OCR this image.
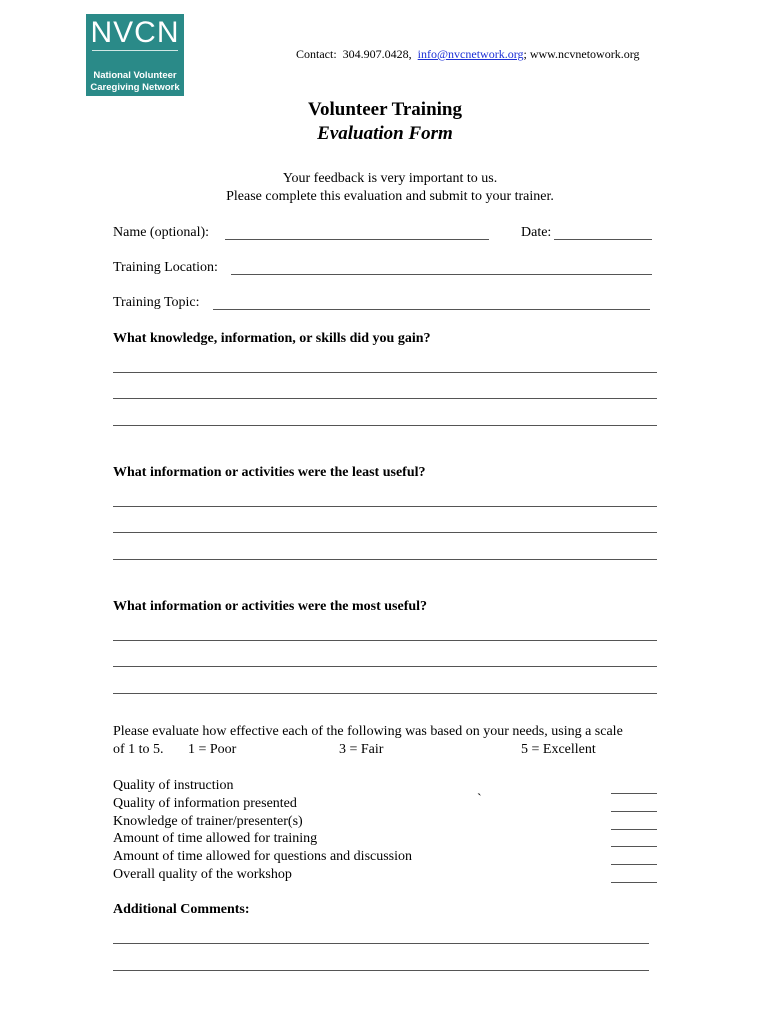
NVCN
National Volunteer
Caregiving Network
Contact: 304.907.0428, info@nvcnetwork.org; www.ncvnetowork.org
Volunteer Training
Evaluation Form
Your feedback is very important to us.
Please complete this evaluation and submit to your trainer.
Name (optional):	Date:
Training Location:
Training Topic:
What knowledge, information, or skills did you gain?
What information or activities were the least useful?
What information or activities were the most useful?
Please evaluate how effective each of the following was based on your needs, using a scale
of 1 to 5. 1 = Poor	3 = Fair	5 = Excellent
Quality of instruction
Quality of information presented	`
Knowledge of trainer/presenter(s)
Amount of time allowed for training
Amount of time allowed for questions and discussion
Overall quality of the workshop
Additional Comments:
